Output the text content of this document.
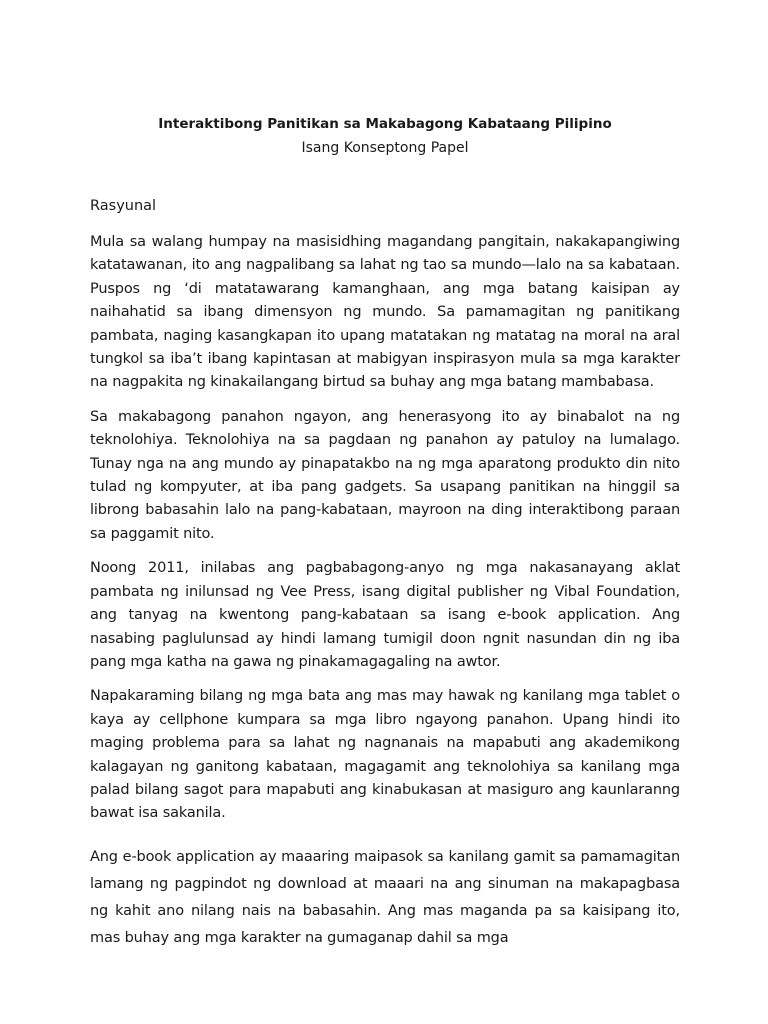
Interaktibong Panitikan sa Makabagong Kabataang Pilipino

Isang Konseptong Papel

Rasyunal

Mula sa walang humpay na masisidhing magandang pangitain, nakakapangiwing katatawanan, ito ang nagpalibang sa lahat ng tao sa mundo—lalo na sa kabataan. Puspos ng ‘di matatawarang kamanghaan, ang mga batang kaisipan ay naihahatid sa ibang dimensyon ng mundo. Sa pamamagitan ng panitikang pambata, naging kasangkapan ito upang matatakan ng matatag na moral na aral tungkol sa iba’t ibang kapintasan at mabigyan inspirasyon mula sa mga karakter na nagpakita ng kinakailangang birtud sa buhay ang mga batang mambabasa.

Sa makabagong panahon ngayon, ang henerasyong ito ay binabalot na ng teknolohiya. Teknolohiya na sa pagdaan ng panahon ay patuloy na lumalago. Tunay nga na ang mundo ay pinapatakbo na ng mga aparatong produkto din nito tulad ng kompyuter, at iba pang gadgets. Sa usapang panitikan na hinggil sa librong babasahin lalo na pang-kabataan, mayroon na ding interaktibong paraan sa paggamit nito.

Noong 2011, inilabas ang pagbabagong-anyo ng mga nakasanayang aklat pambata ng inilunsad ng Vee Press, isang digital publisher ng Vibal Foundation, ang tanyag na kwentong pang-kabataan sa isang e-book application. Ang nasabing paglulunsad ay hindi lamang tumigil doon ngnit nasundan din ng iba pang mga katha na gawa ng pinakamagagaling na awtor.

Napakaraming bilang ng mga bata ang mas may hawak ng kanilang mga tablet o kaya ay cellphone kumpara sa mga libro ngayong panahon. Upang hindi ito maging problema para sa lahat ng nagnanais na mapabuti ang akademikong kalagayan ng ganitong kabataan, magagamit ang teknolohiya sa kanilang mga palad bilang sagot para mapabuti ang kinabukasan at masiguro ang kaunlaranng bawat isa sakanila.

Ang e-book application ay maaaring maipasok sa kanilang gamit sa pamamagitan lamang ng pagpindot ng download at maaari na ang sinuman na makapagbasa ng kahit ano nilang nais na babasahin. Ang mas maganda pa sa kaisipang ito, mas buhay ang mga karakter na gumaganap dahil sa mga
